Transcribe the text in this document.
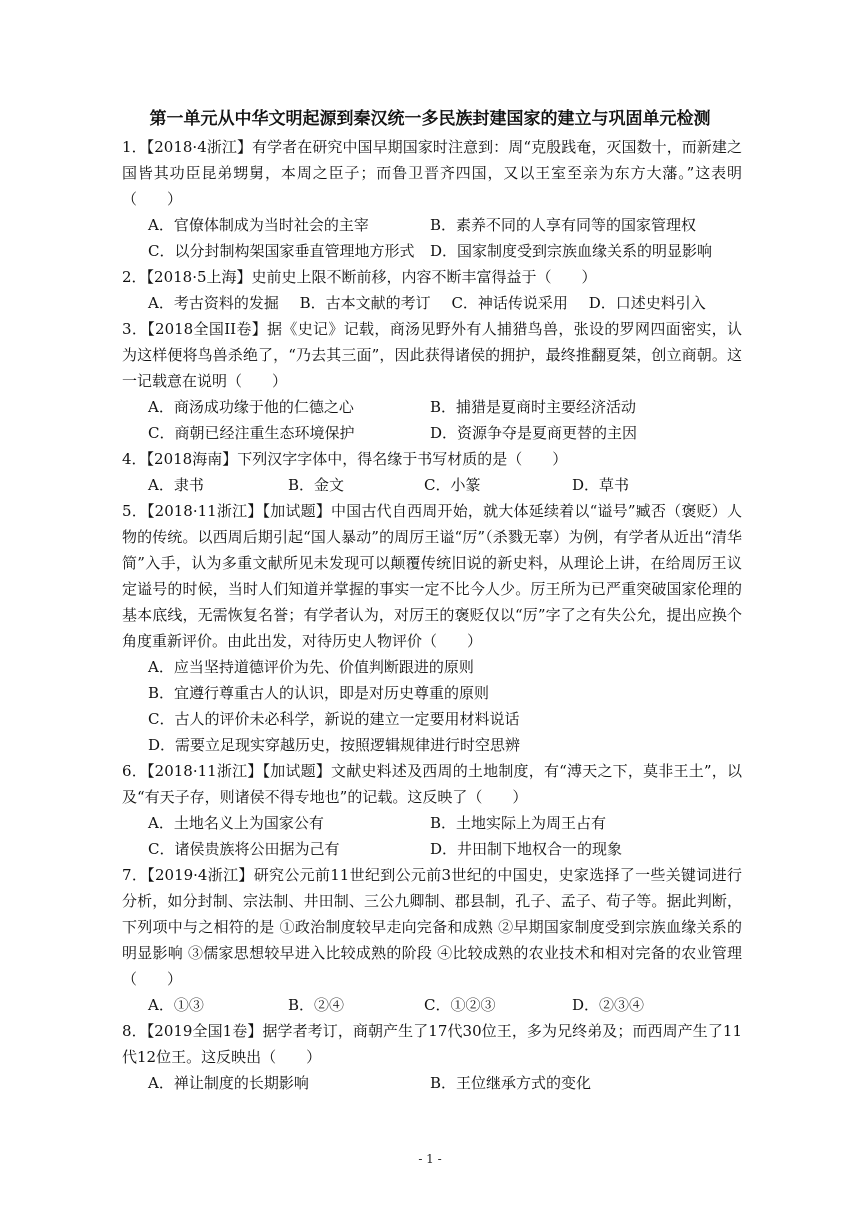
第一单元从中华文明起源到秦汉统一多民族封建国家的建立与巩固单元检测

1．【2018·4浙江】有学者在研究中国早期国家时注意到：周“克殷践奄，灭国数十，而新建之国皆其功臣昆弟甥舅，本周之臣子；而鲁卫晋齐四国，又以王室至亲为东方大藩。”这表明（　　）

A．官僚体制成为当时社会的主宰	B．素养不同的人享有同等的国家管理权
C．以分封制构架国家垂直管理地方形式	D．国家制度受到宗族血缘关系的明显影响

2．【2018·5上海】史前史上限不断前移，内容不断丰富得益于（　　）

A．考古资料的发掘 B．古本文献的考订 C．神话传说采用 D．口述史料引入

3．【2018全国II卷】据《史记》记载，商汤见野外有人捕猎鸟兽，张设的罗网四面密实，认为这样便将鸟兽杀绝了，“乃去其三面”，因此获得诸侯的拥护，最终推翻夏桀，创立商朝。这一记载意在说明（　　）

A．商汤成功缘于他的仁德之心	B．捕猎是夏商时主要经济活动
C．商朝已经注重生态环境保护	D．资源争夺是夏商更替的主因

4．【2018海南】下列汉字字体中，得名缘于书写材质的是（　　）

A．隶书	B．金文	C．小篆	D．草书

5．【2018·11浙江】【加试题】中国古代自西周开始，就大体延续着以“谥号”臧否（褒贬）人物的传统。以西周后期引起“国人暴动”的周厉王谥“厉”（杀戮无辜）为例，有学者从近出“清华简”入手，认为多重文献所见未发现可以颠覆传统旧说的新史料，从理论上讲，在给周厉王议定谥号的时候，当时人们知道并掌握的事实一定不比今人少。厉王所为已严重突破国家伦理的基本底线，无需恢复名誉；有学者认为，对厉王的褒贬仅以“厉”字了之有失公允，提出应换个角度重新评价。由此出发，对待历史人物评价（　　）

A．应当坚持道德评价为先、价值判断跟进的原则
B．宜遵行尊重古人的认识，即是对历史尊重的原则
C．古人的评价未必科学，新说的建立一定要用材料说话
D．需要立足现实穿越历史，按照逻辑规律进行时空思辨

6．【2018·11浙江】【加试题】文献史料述及西周的土地制度，有“溥天之下，莫非王土”，以及“有天子存，则诸侯不得专地也”的记载。这反映了（　　）

A．土地名义上为国家公有	B．土地实际上为周王占有
C．诸侯贵族将公田据为己有	D．井田制下地权合一的现象

7．【2019·4浙江】研究公元前11世纪到公元前3世纪的中国史，史家选择了一些关键词进行分析，如分封制、宗法制、井田制、三公九卿制、郡县制，孔子、孟子、荀子等。据此判断，下列项中与之相符的是 ①政治制度较早走向完备和成熟 ②早期国家制度受到宗族血缘关系的明显影响 ③儒家思想较早进入比较成熟的阶段 ④比较成熟的农业技术和相对完备的农业管理（　　）

A．①③	B．②④	C．①②③	D．②③④

8．【2019全国1卷】据学者考订，商朝产生了17代30位王，多为兄终弟及；而西周产生了11代12位王。这反映出（　　）

A．禅让制度的长期影响	B．王位继承方式的变化
- 1 -
